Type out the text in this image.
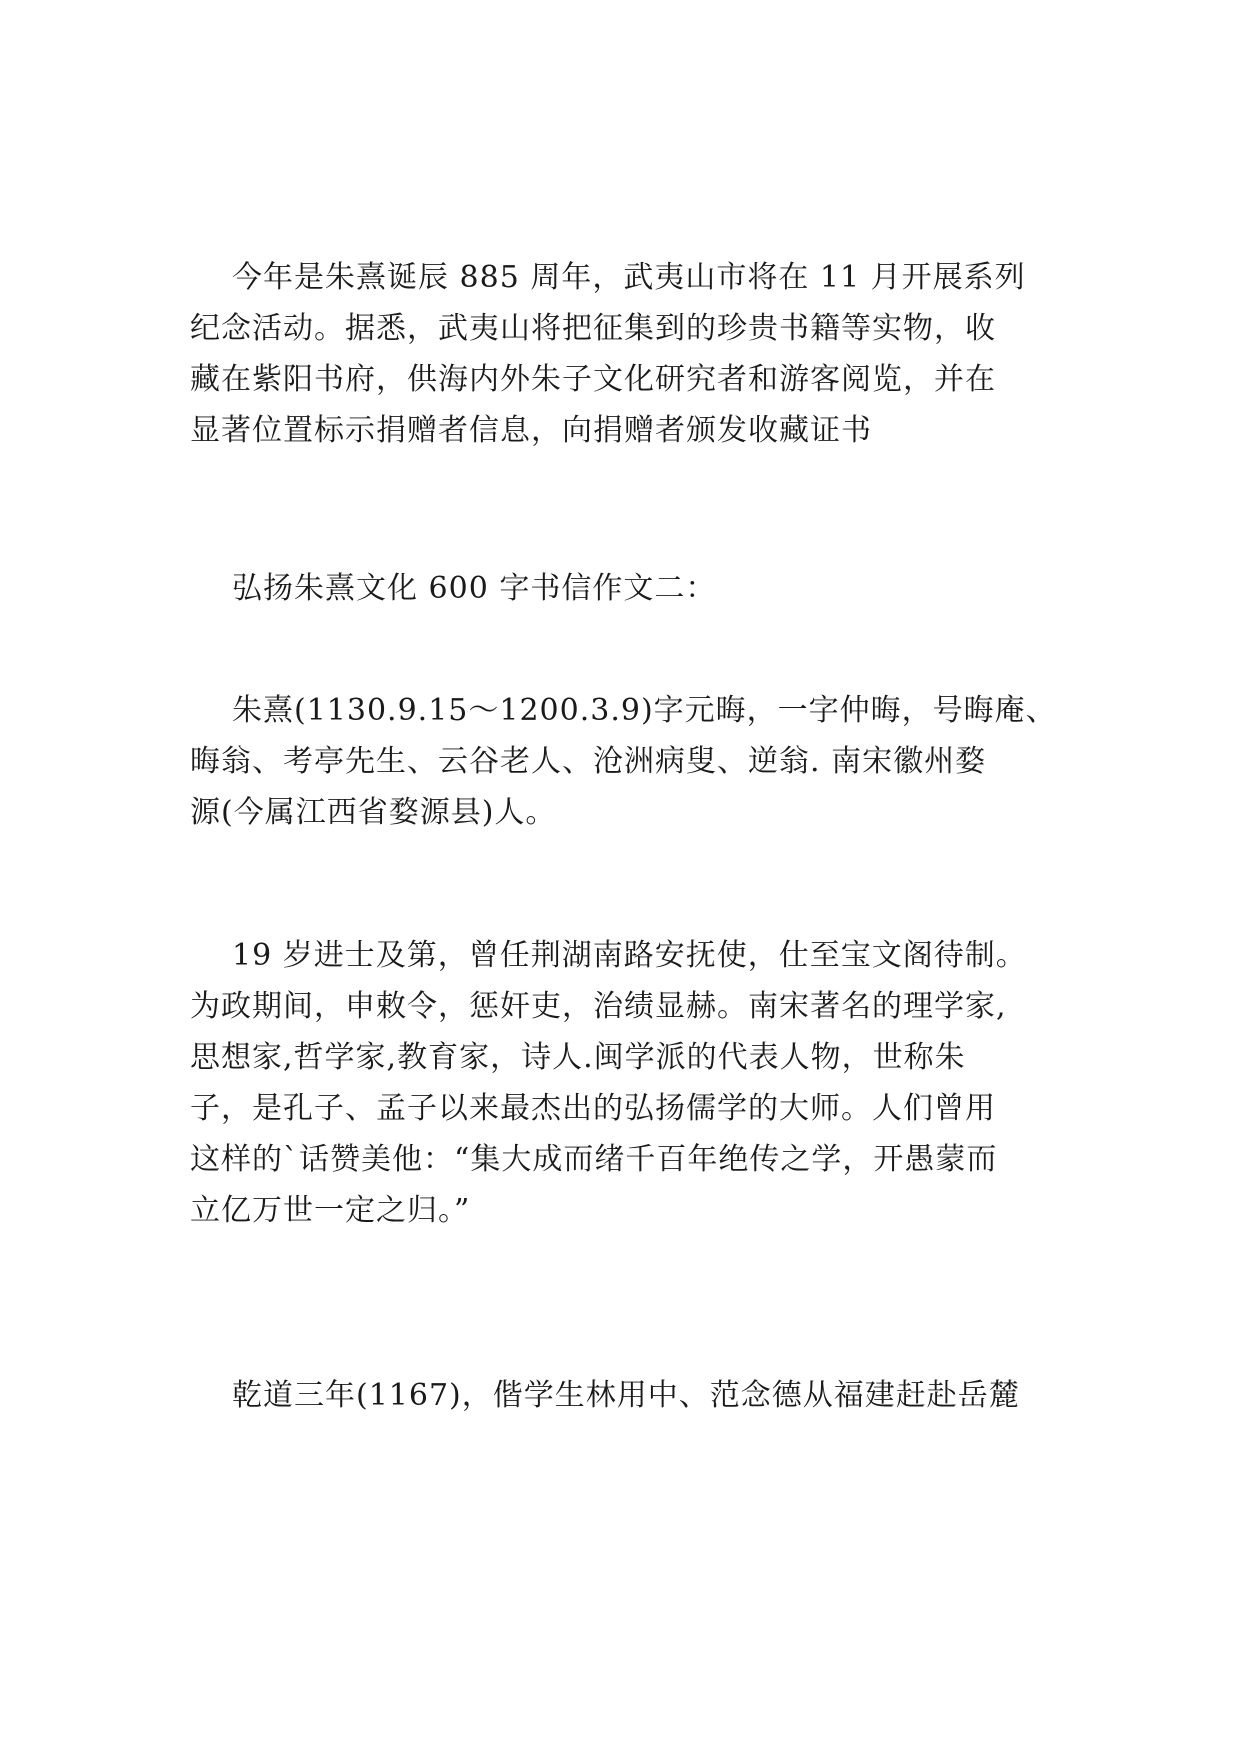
今年是朱熹诞辰 885 周年，武夷山市将在 11 月开展系列
纪念活动。据悉，武夷山将把征集到的珍贵书籍等实物，收
藏在紫阳书府，供海内外朱子文化研究者和游客阅览，并在
显著位置标示捐赠者信息，向捐赠者颁发收藏证书

弘扬朱熹文化 600 字书信作文二：

朱熹(1130.9.15～1200.3.9)字元晦，一字仲晦，号晦庵、
晦翁、考亭先生、云谷老人、沧洲病叟、逆翁. 南宋徽州婺
源(今属江西省婺源县)人。

19 岁进士及第，曾任荆湖南路安抚使，仕至宝文阁待制。
为政期间，申敕令，惩奸吏，治绩显赫。南宋著名的理学家,
思想家,哲学家,教育家，诗人.闽学派的代表人物，世称朱
子，是孔子、孟子以来最杰出的弘扬儒学的大师。人们曾用
这样的`话赞美他：“集大成而绪千百年绝传之学，开愚蒙而
立亿万世一定之归。”

乾道三年(1167)，偕学生林用中、范念德从福建赶赴岳麓
